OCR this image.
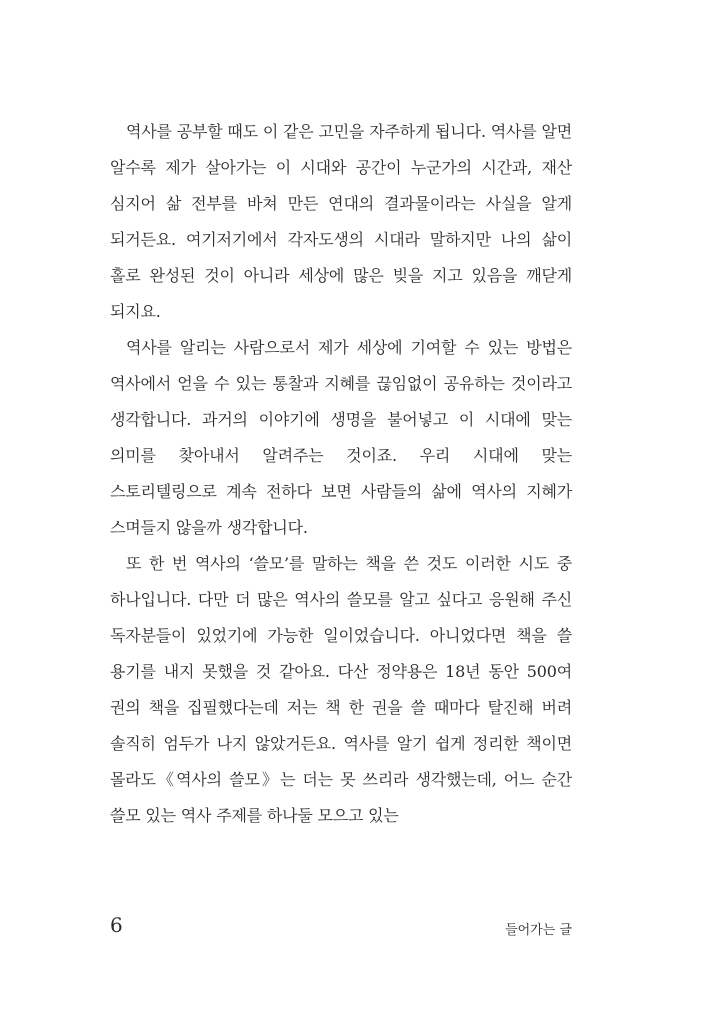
역사를 공부할 때도 이 같은 고민을 자주하게 됩니다. 역사를 알면 알수록 제가 살아가는 이 시대와 공간이 누군가의 시간과, 재산 심지어 삶 전부를 바쳐 만든 연대의 결과물이라는 사실을 알게 되거든요. 여기저기에서 각자도생의 시대라 말하지만 나의 삶이 홀로 완성된 것이 아니라 세상에 많은 빚을 지고 있음을 깨닫게 되지요.

역사를 알리는 사람으로서 제가 세상에 기여할 수 있는 방법은 역사에서 얻을 수 있는 통찰과 지혜를 끊임없이 공유하는 것이라고 생각합니다. 과거의 이야기에 생명을 불어넣고 이 시대에 맞는 의미를 찾아내서 알려주는 것이죠. 우리 시대에 맞는 스토리텔링으로 계속 전하다 보면 사람들의 삶에 역사의 지혜가 스며들지 않을까 생각합니다.

또 한 번 역사의 ‘쓸모’를 말하는 책을 쓴 것도 이러한 시도 중 하나입니다. 다만 더 많은 역사의 쓸모를 알고 싶다고 응원해 주신 독자분들이 있었기에 가능한 일이었습니다. 아니었다면 책을 쓸 용기를 내지 못했을 것 같아요. 다산 정약용은 18년 동안 500여 권의 책을 집필했다는데 저는 책 한 권을 쓸 때마다 탈진해 버려 솔직히 엄두가 나지 않았거든요. 역사를 알기 쉽게 정리한 책이면 몰라도《역사의 쓸모》는 더는 못 쓰리라 생각했는데, 어느 순간 쓸모 있는 역사 주제를 하나둘 모으고 있는

6	들어가는 글
